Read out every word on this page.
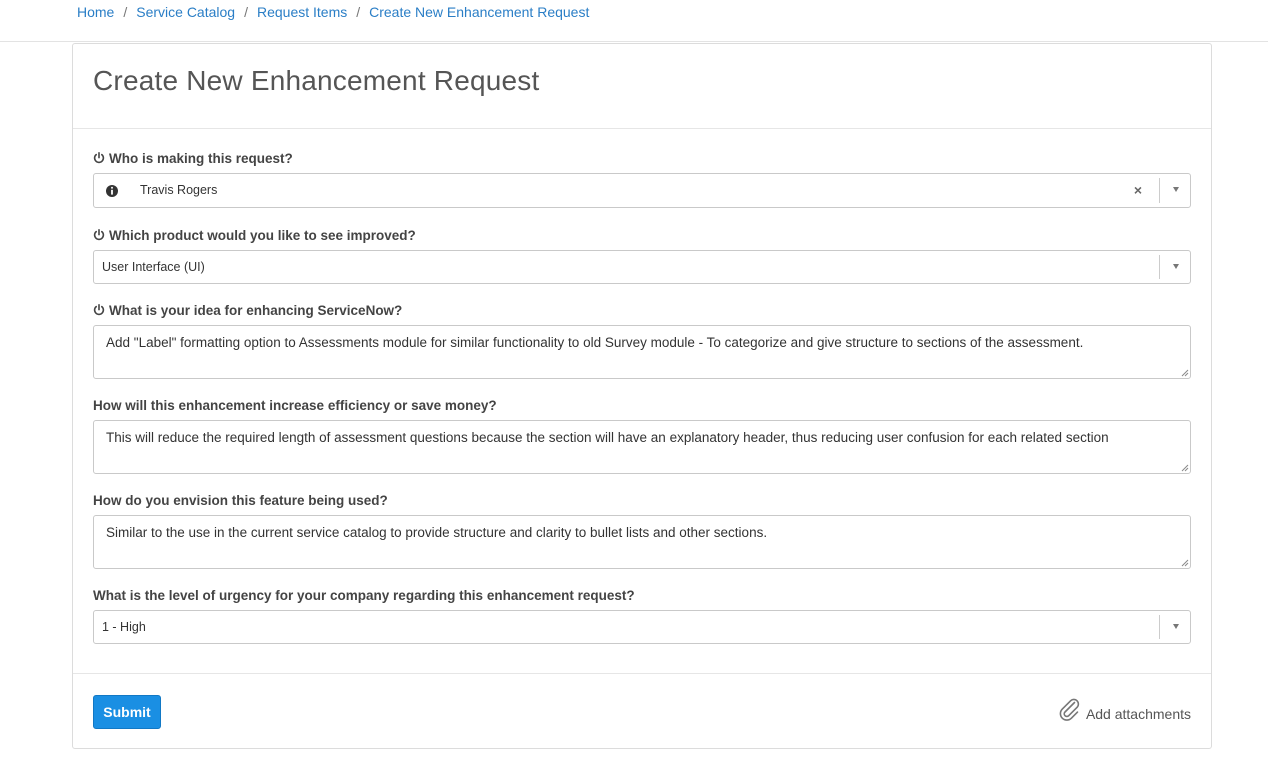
Home / Service Catalog / Request Items / Create New Enhancement Request
Create New Enhancement Request
Who is making this request?
Travis Rogers	×
Which product would you like to see improved?
User Interface (UI)
What is your idea for enhancing ServiceNow?
Add "Label" formatting option to Assessments module for similar functionality to old Survey module - To categorize and give structure to sections of the assessment.
How will this enhancement increase efficiency or save money?
This will reduce the required length of assessment questions because the section will have an explanatory header, thus reducing user confusion for each related section
How do you envision this feature being used?
Similar to the use in the current service catalog to provide structure and clarity to bullet lists and other sections.
What is the level of urgency for your company regarding this enhancement request?
1 - High
Submit	Add attachments
